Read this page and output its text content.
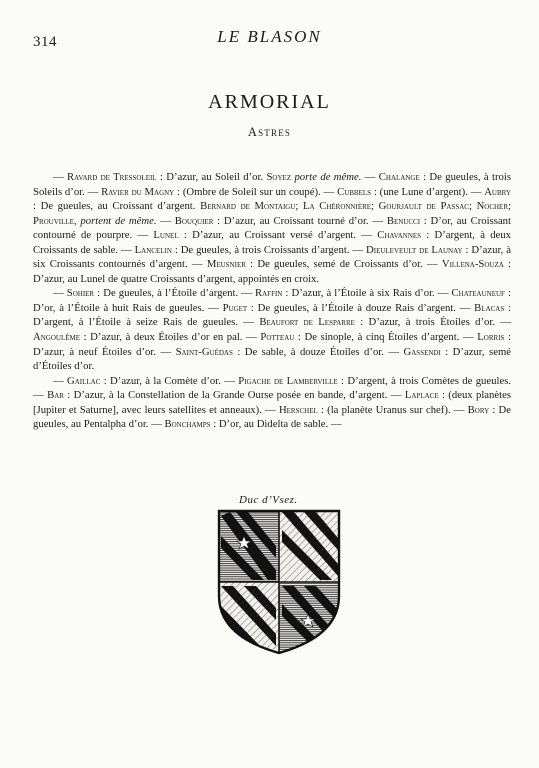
314	LE BLASON
ARMORIAL
Astres

— Ravard de Tressoleil : D’azur, au Soleil d’or. Soyez porte de même. — Chalange : De gueules, à trois Soleils d’or. — Ravier du Magny : (Ombre de Soleil sur un coupé). — Cubbels : (une Lune d’argent). — Aubry : De gueules, au Croissant d’argent. Bernard de Montaigu; La Chéronnière; Gourjault de Passac; Nocher; Prouville, portent de même. — Bouquier : D’azur, au Croissant tourné d’or. — Benucci : D’or, au Croissant contourné de pourpre. — Lunel : D’azur, au Croissant versé d’argent. — Chavannes : D’argent, à deux Croissants de sable. — Lancelin : De gueules, à trois Croissants d’argent. — Dieuleveult de Launay : D’azur, à six Croissants contournés d’argent. — Meusnier : De gueules, semé de Croissants d’or. — Villena-Souza : D’azur, au Lunel de quatre Croissants d’argent, appointés en croix.

— Sohier : De gueules, à l’Étoile d’argent. — Raffin : D’azur, à l’Étoile à six Rais d’or. — Chateauneuf : D’or, à l’Étoile à huit Rais de gueules. — Puget : De gueules, à l’Étoile à douze Rais d’argent. — Blacas : D’argent, à l’Étoile à seize Rais de gueules. — Beaufort de Lesparre : D’azur, à trois Étoiles d’or. — Angoulême : D’azur, à deux Étoiles d’or en pal. — Potteau : De sinople, à cinq Étoiles d’argent. — Lorris : D’azur, à neuf Étoiles d’or. — Saint-Guédas : De sable, à douze Étoiles d’or. — Gassendi : D’azur, semé d’Étoiles d’or.

— Gaillac : D’azur, à la Comète d’or. — Pigache de Lamberville : D’argent, à trois Comètes de gueules. — Bar : D’azur, à la Constellation de la Grande Ourse posée en bande, d’argent. — Laplace : (deux planètes [Jupiter et Saturne], avec leurs satellites et anneaux). — Herschel : (la planète Uranus sur chef). — Bory : De gueules, au Pentalpha d’or. — Bonchamps : D’or, au Didelta de sable. —

Duc d’Vsez.
